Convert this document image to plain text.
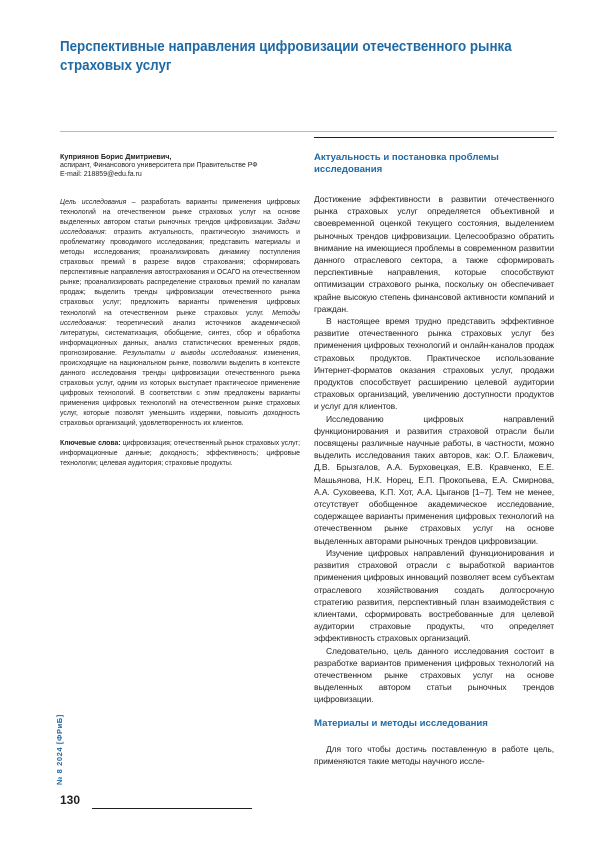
Перспективные направления цифровизации отечественного рынка страховых услуг
Куприянов Борис Дмитриевич,
аспирант, Финансового университета при Правительстве РФ
E-mail: 218859@edu.fa.ru
Цель исследования – разработать варианты применения цифровых технологий на отечественном рынке страховых услуг на основе выделенных автором статьи рыночных трендов цифровизации. Задачи исследования: отразить актуальность, практическую значимость и проблематику проводимого исследования; представить материалы и методы исследования; проанализировать динамику поступления страховых премий в разрезе видов страхования; сформировать перспективные направления автострахования и ОСАГО на отечественном рынке; проанализировать распределение страховых премий по каналам продаж; выделить тренды цифровизации отечественного рынка страховых услуг; предложить варианты применения цифровых технологий на отечественном рынке страховых услуг. Методы исследования: теоретический анализ источников академической литературы, систематизация, обобщение, синтез, сбор и обработка информационных данных, анализ статистических временных рядов, прогнозирование. Результаты и выводы исследования: изменения, происходящие на национальном рынке, позволили выделить в контексте данного исследования тренды цифровизации отечественного рынка страховых услуг, одним из которых выступает практическое применение цифровых технологий. В соответствии с этим предложены варианты применения цифровых технологий на отечественном рынке страховых услуг, которые позволят уменьшить издержки, повысить доходность страховых организаций, удовлетворенность их клиентов.
Ключевые слова: цифровизация; отечественный рынок страховых услуг; информационные данные; доходность; эффективность; цифровые технологии; целевая аудитория; страховые продукты.
№ 8 2024 [ФРиБ]
130
Актуальность и постановка проблемы исследования

Достижение эффективности в развитии отечественного рынка страховых услуг определяется объективной и своевременной оценкой текущего состояния, выделением рыночных трендов цифровизации. Целесообразно обратить внимание на имеющиеся проблемы в современном развитии данного отраслевого сектора, а также сформировать перспективные направления, которые способствуют оптимизации страхового рынка, поскольку он обеспечивает крайне высокую степень финансовой активности компаний и граждан.

В настоящее время трудно представить эффективное развитие отечественного рынка страховых услуг без применения цифровых технологий и онлайн-каналов продаж страховых продуктов. Практическое использование Интернет-форматов оказания страховых услуг, продажи продуктов способствует расширению целевой аудитории страховых организаций, увеличению доступности продуктов и услуг для клиентов.

Исследованию цифровых направлений функционирования и развития страховой отрасли были посвящены различные научные работы, в частности, можно выделить исследования таких авторов, как: О.Г. Блажевич, Д.В. Брызгалов, А.А. Бурховецкая, Е.В. Кравченко, Е.Е. Машьянова, Н.К. Норец, Е.П. Прокопьева, Е.А. Смирнова, А.А. Суховеева, К.П. Хот, А.А. Цыганов [1–7]. Тем не менее, отсутствует обобщенное академическое исследование, содержащее варианты применения цифровых технологий на отечественном рынке страховых услуг на основе выделенных авторами рыночных трендов цифровизации.

Изучение цифровых направлений функционирования и развития страховой отрасли с выработкой вариантов применения цифровых инноваций позволяет всем субъектам отраслевого хозяйствования создать долгосрочную стратегию развития, перспективный план взаимодействия с клиентами, сформировать востребованные для целевой аудитории страховые продукты, что определяет эффективность страховых организаций.

Следовательно, цель данного исследования состоит в разработке вариантов применения цифровых технологий на отечественном рынке страховых услуг на основе выделенных автором статьи рыночных трендов цифровизации.

Материалы и методы исследования

Для того чтобы достичь поставленную в работе цель, применяются такие методы научного иссле-
